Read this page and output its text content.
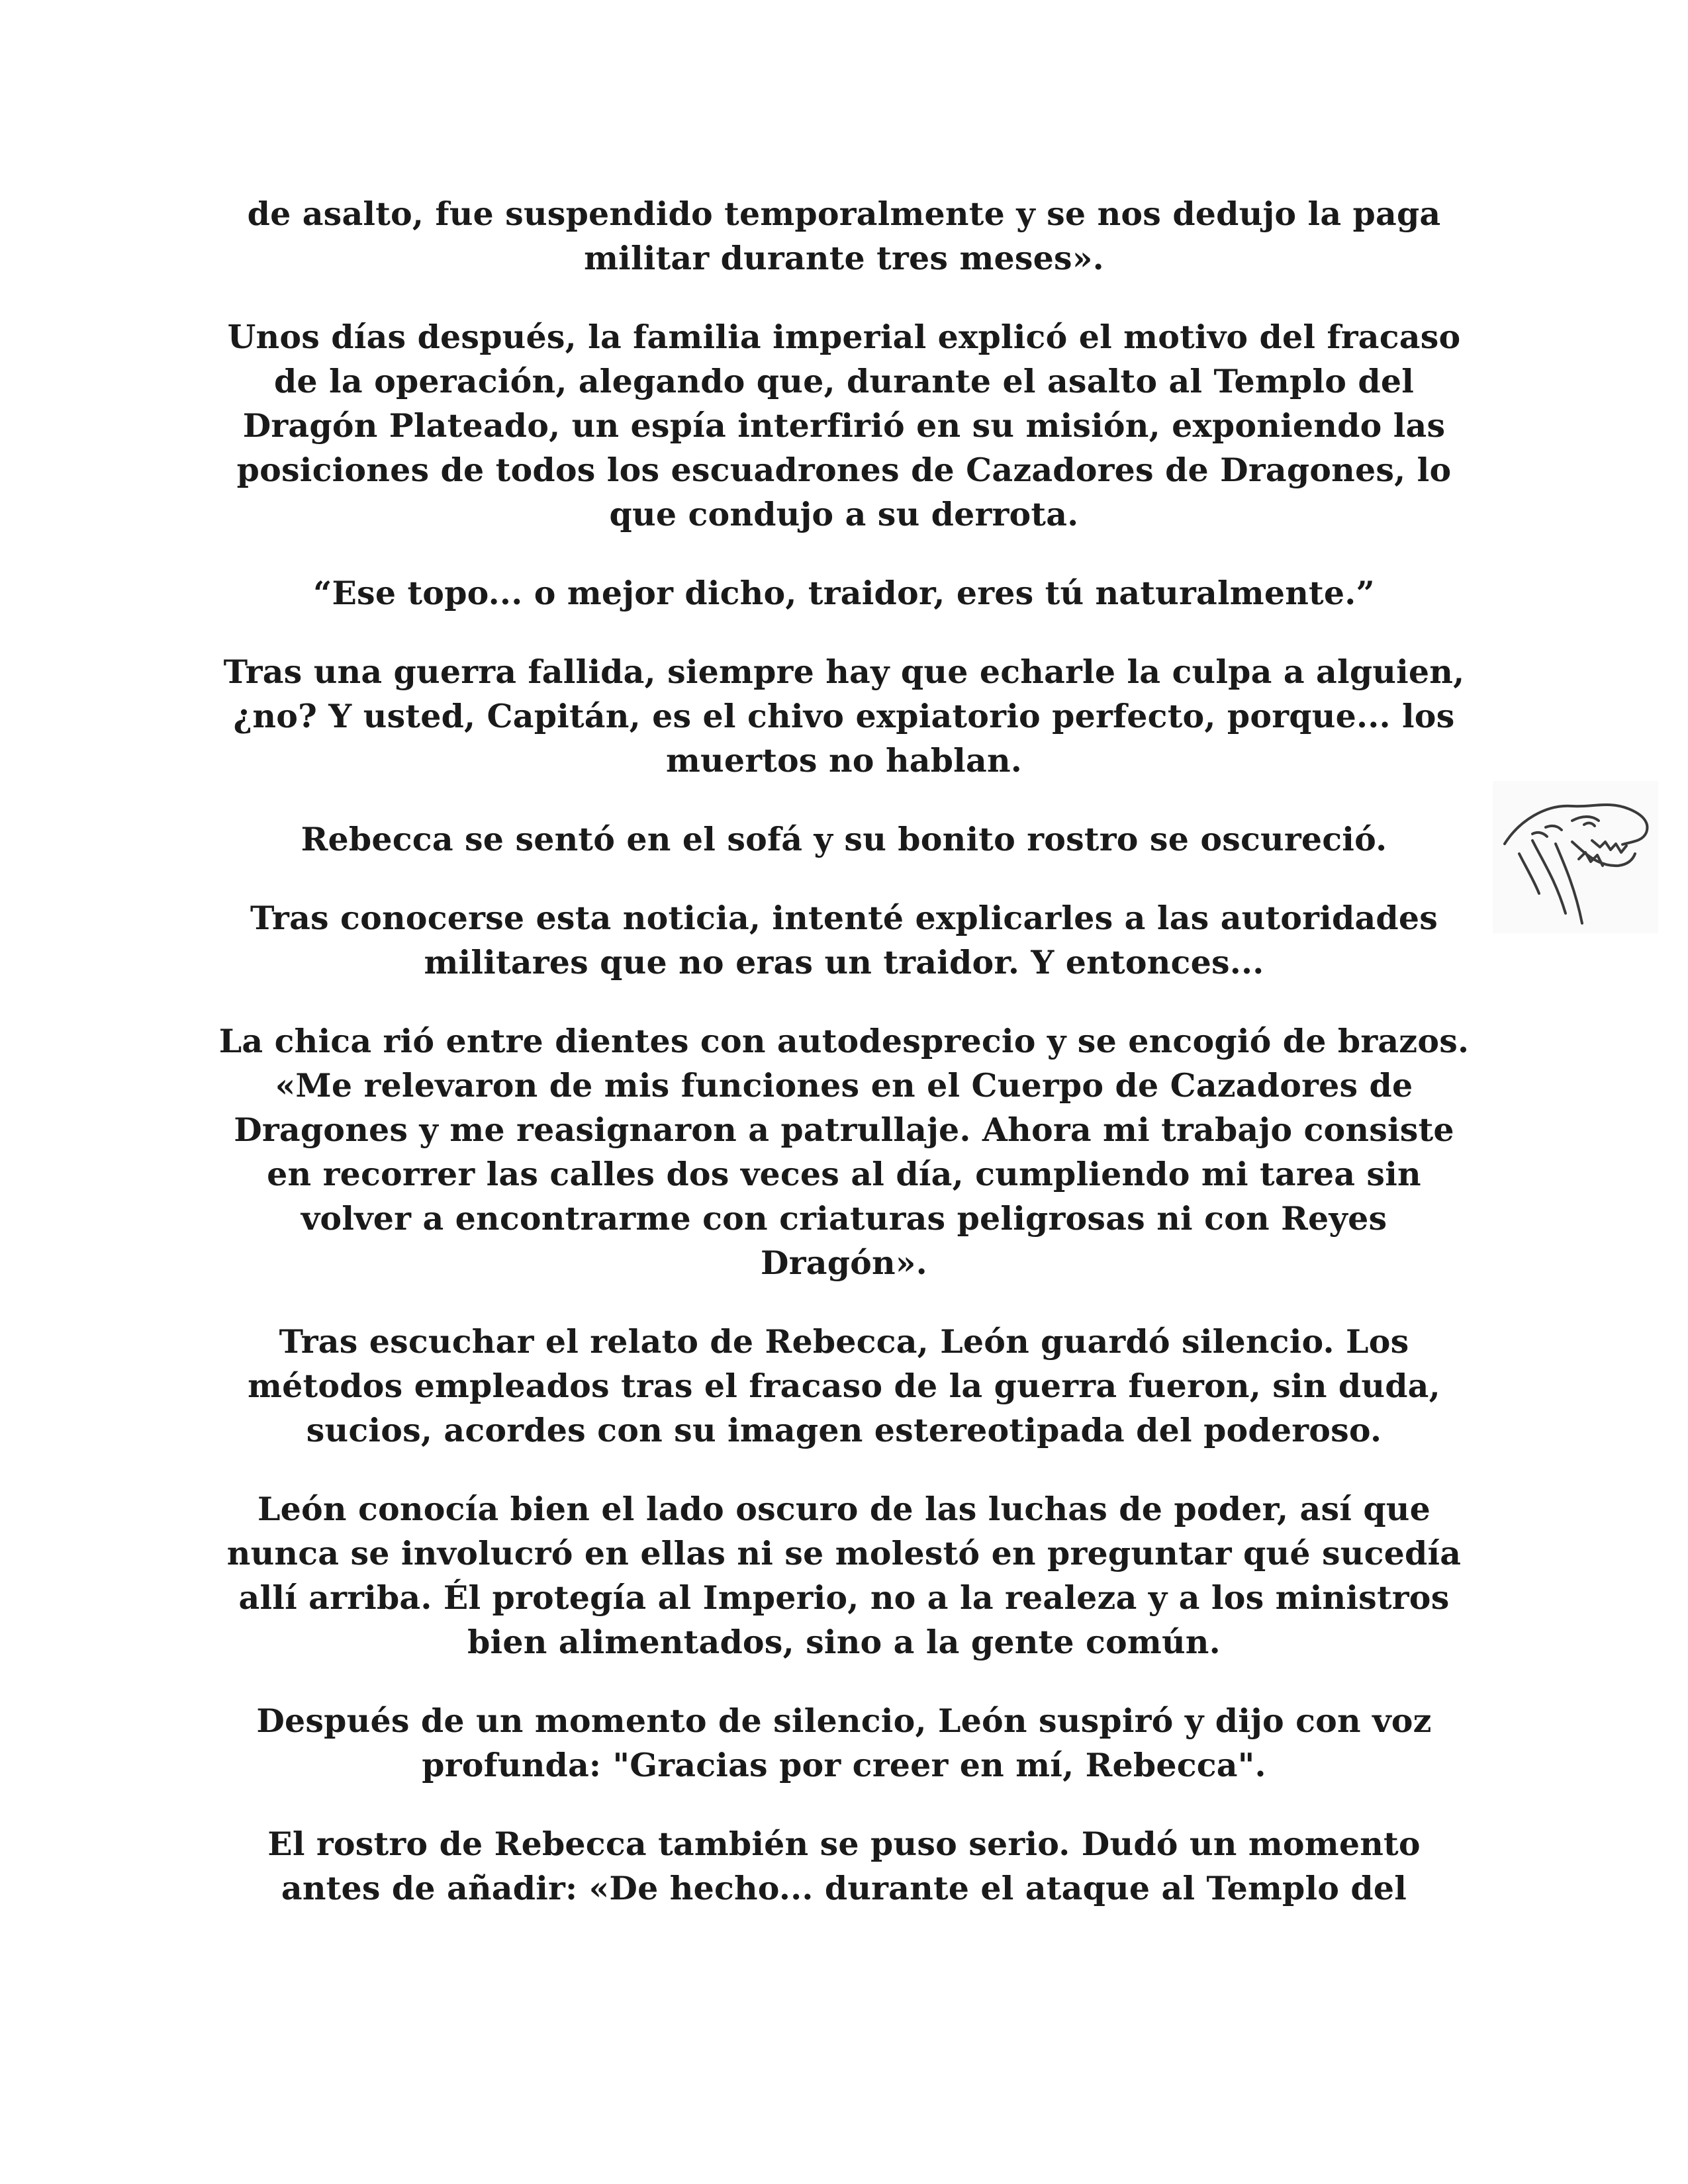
de asalto, fue suspendido temporalmente y se nos dedujo la paga militar durante tres meses».

Unos días después, la familia imperial explicó el motivo del fracaso de la operación, alegando que, durante el asalto al Templo del Dragón Plateado, un espía interfirió en su misión, exponiendo las posiciones de todos los escuadrones de Cazadores de Dragones, lo que condujo a su derrota.

“Ese topo... o mejor dicho, traidor, eres tú naturalmente.”

Tras una guerra fallida, siempre hay que echarle la culpa a alguien, ¿no? Y usted, Capitán, es el chivo expiatorio perfecto, porque... los muertos no hablan.

Rebecca se sentó en el sofá y su bonito rostro se oscureció.

Tras conocerse esta noticia, intenté explicarles a las autoridades militares que no eras un traidor. Y entonces...

La chica rió entre dientes con autodesprecio y se encogió de brazos. «Me relevaron de mis funciones en el Cuerpo de Cazadores de Dragones y me reasignaron a patrullaje. Ahora mi trabajo consiste en recorrer las calles dos veces al día, cumpliendo mi tarea sin volver a encontrarme con criaturas peligrosas ni con Reyes Dragón».

Tras escuchar el relato de Rebecca, León guardó silencio. Los métodos empleados tras el fracaso de la guerra fueron, sin duda, sucios, acordes con su imagen estereotipada del poderoso.

León conocía bien el lado oscuro de las luchas de poder, así que nunca se involucró en ellas ni se molestó en preguntar qué sucedía allí arriba. Él protegía al Imperio, no a la realeza y a los ministros bien alimentados, sino a la gente común.

Después de un momento de silencio, León suspiró y dijo con voz profunda: "Gracias por creer en mí, Rebecca".

El rostro de Rebecca también se puso serio. Dudó un momento antes de añadir: «De hecho... durante el ataque al Templo del
